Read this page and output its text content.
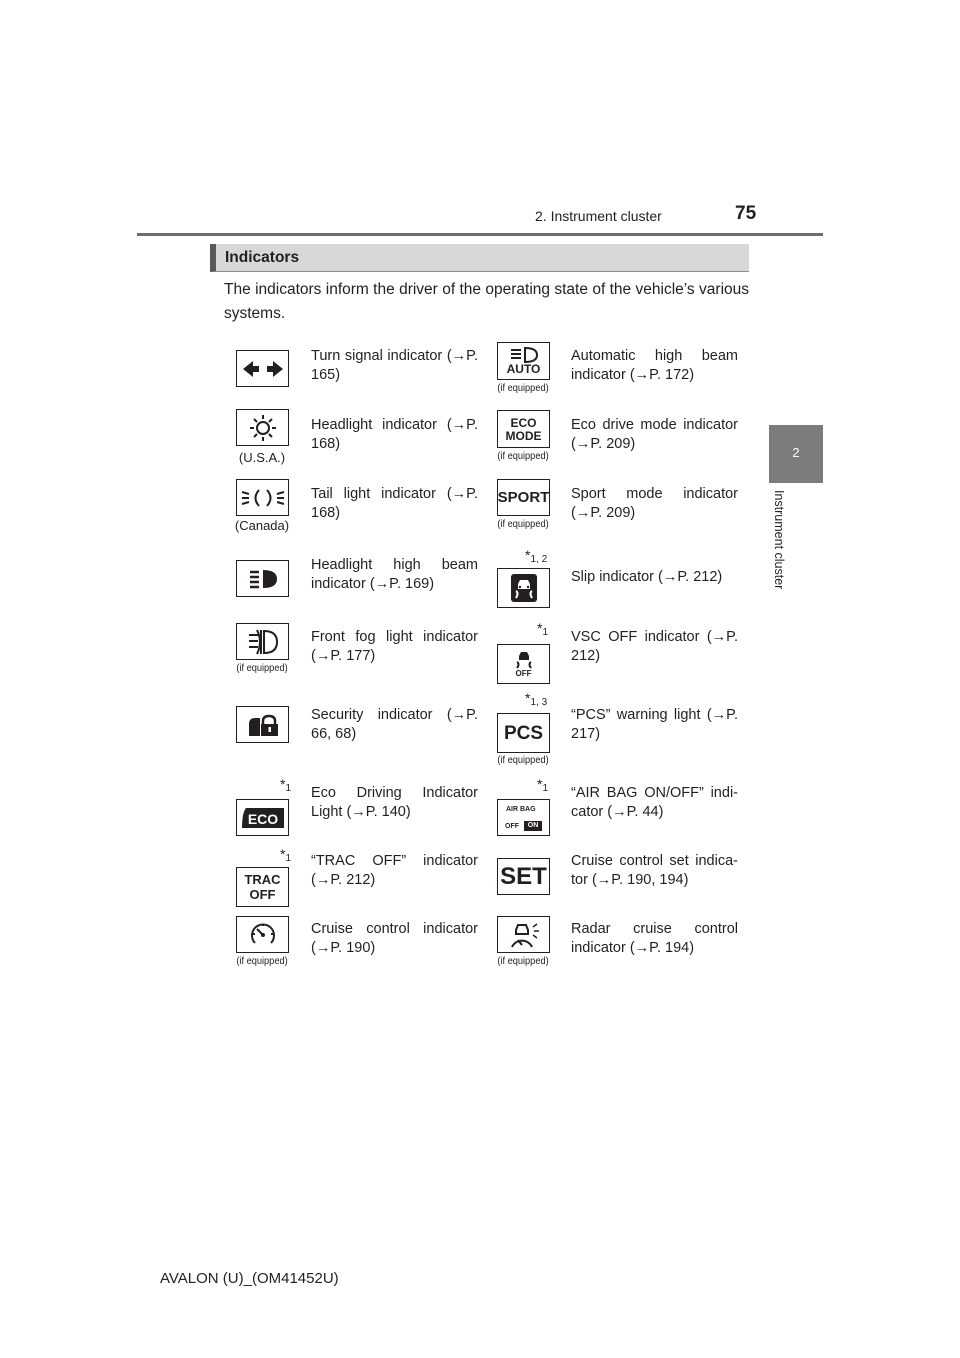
2. Instrument cluster	75
2
Instrument cluster
Indicators
The indicators inform the driver of the operating state of the vehicle’s various systems.
Turn signal indicator (→P. 165)
(U.S.A.)
Headlight indicator (→P. 168)
(Canada)
Tail light indicator (→P. 168)
Headlight high beam indicator (→P. 169)
(if equipped)
Front fog light indicator (→P. 177)
Security indicator (→P. 66, 68)
$*_1$
ECO
Eco Driving Indicator Light (→P. 140)
$*_1$
TRAC
OFF
“TRAC OFF” indicator (→P. 212)
(if equipped)
Cruise control indicator (→P. 190)
AUTO
(if equipped)
Automatic high beam indicator (→P. 172)
ECO
MODE
(if equipped)
Eco drive mode indicator (→P. 209)
SPORT
(if equipped)
Sport mode indicator (→P. 209)
$*_{1, 2}$
Slip indicator (→P. 212)
$*_1$
OFF
VSC OFF indicator (→P. 212)
$*_{1, 3}$
PCS
(if equipped)
“PCS” warning light (→P. 217)
$*_1$
AIR BAG
OFF	ON
“AIR BAG ON/OFF” indi-cator (→P. 44)
SET
Cruise control set indica-tor (→P. 190, 194)
(if equipped)
Radar cruise control indicator (→P. 194)
AVALON (U)_(OM41452U)
